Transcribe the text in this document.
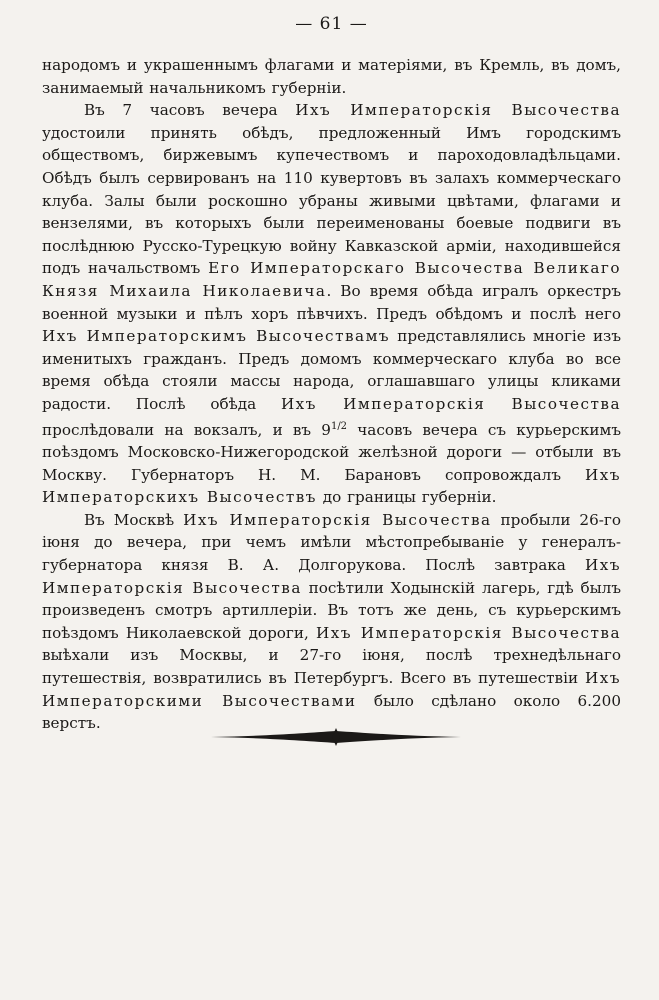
— 61 —

народомъ и украшеннымъ флагами и матеріями, въ Кремль, въ домъ, занимаемый начальникомъ губерніи.

Въ 7 часовъ вечера Ихъ Императорскія Высочества удостоили принять обѣдъ, предложенный Имъ городскимъ обществомъ, биржевымъ купечествомъ и пароходовладѣльцами. Обѣдъ былъ сервированъ на 110 кувертовъ въ залахъ коммерческаго клуба. Залы были роскошно убраны живыми цвѣтами, флагами и вензелями, въ которыхъ были переименованы боевые подвиги въ послѣднюю Русско-Турецкую войну Кавказской арміи, находившейся подъ начальствомъ Его Императорскаго Высочества Великаго Князя Михаила Николаевича. Во время обѣда игралъ оркестръ военной музыки и пѣлъ хоръ пѣвчихъ. Предъ обѣдомъ и послѣ него Ихъ Императорскимъ Высочествамъ представлялись многіе изъ именитыхъ гражданъ. Предъ домомъ коммерческаго клуба во все время обѣда стояли массы народа, оглашавшаго улицы кликами радости. Послѣ обѣда Ихъ Императорскія Высочества прослѣдовали на вокзалъ, и въ $9^{1/2}$ часовъ вечера съ курьерскимъ поѣздомъ Московско-Нижегородской желѣзной дороги — отбыли въ Москву. Губернаторъ Н. М. Барановъ сопровождалъ Ихъ Императорскихъ Высочествъ до границы губерніи.

Въ Москвѣ Ихъ Императорскія Высочества пробыли 26-го іюня до вечера, при чемъ имѣли мѣстопребываніе у генералъ-губернатора князя В. А. Долгорукова. Послѣ завтрака Ихъ Императорскія Высочества посѣтили Ходынскій лагерь, гдѣ былъ произведенъ смотръ артиллеріи. Въ тотъ же день, съ курьерскимъ поѣздомъ Николаевской дороги, Ихъ Императорскія Высочества выѣхали изъ Москвы, и 27-го іюня, послѣ трехнедѣльнаго путешествія, возвратились въ Петербургъ. Всего въ путешествіи Ихъ Императорскими Высочествами было сдѣлано около 6.200 верстъ.
